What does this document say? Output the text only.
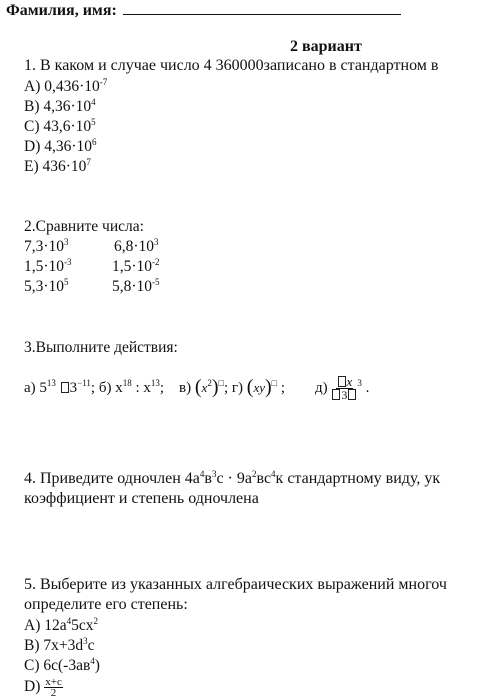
Фамилия, имя:
2 вариант
1. В каком и случае число 4 360000записано в стандартном в
А) $0,436\cdot 10^{-7}$
В) $4,36\cdot 10^4$
С) $43,6\cdot 10^5$
D) $4,36\cdot 10^6$
E) $436\cdot 10^7$
2.Сравните числа:
$7,3\cdot 10^3$	$6,8\cdot 10^3$
$1,5\cdot 10^{-3}$	$1,5\cdot 10^{-2}$
$5,3\cdot 10^5$	$5,8\cdot 10^{-5}$
3.Выполните действия:
а) $5^{13}$ $3^{-11}$; б) $x^{18}$ : $x^{13}$; в) $(x^2)^□$; г) (xy)□ ; $д) \frac{x}{3} ^3$ .
4. Приведите одночлен $4a^4в^3с \cdot 9a^2вс^4к$ стандартному виду, ук
коэффициент и степень одночлена
5. Выберите из указанных алгебраических выражений многоч
определите его степень:
А) $12a^45cx^2$
В) $7x+3d^3с$
С) $6с(-3ав^4)$
$D) \frac{x+c}{2}$
